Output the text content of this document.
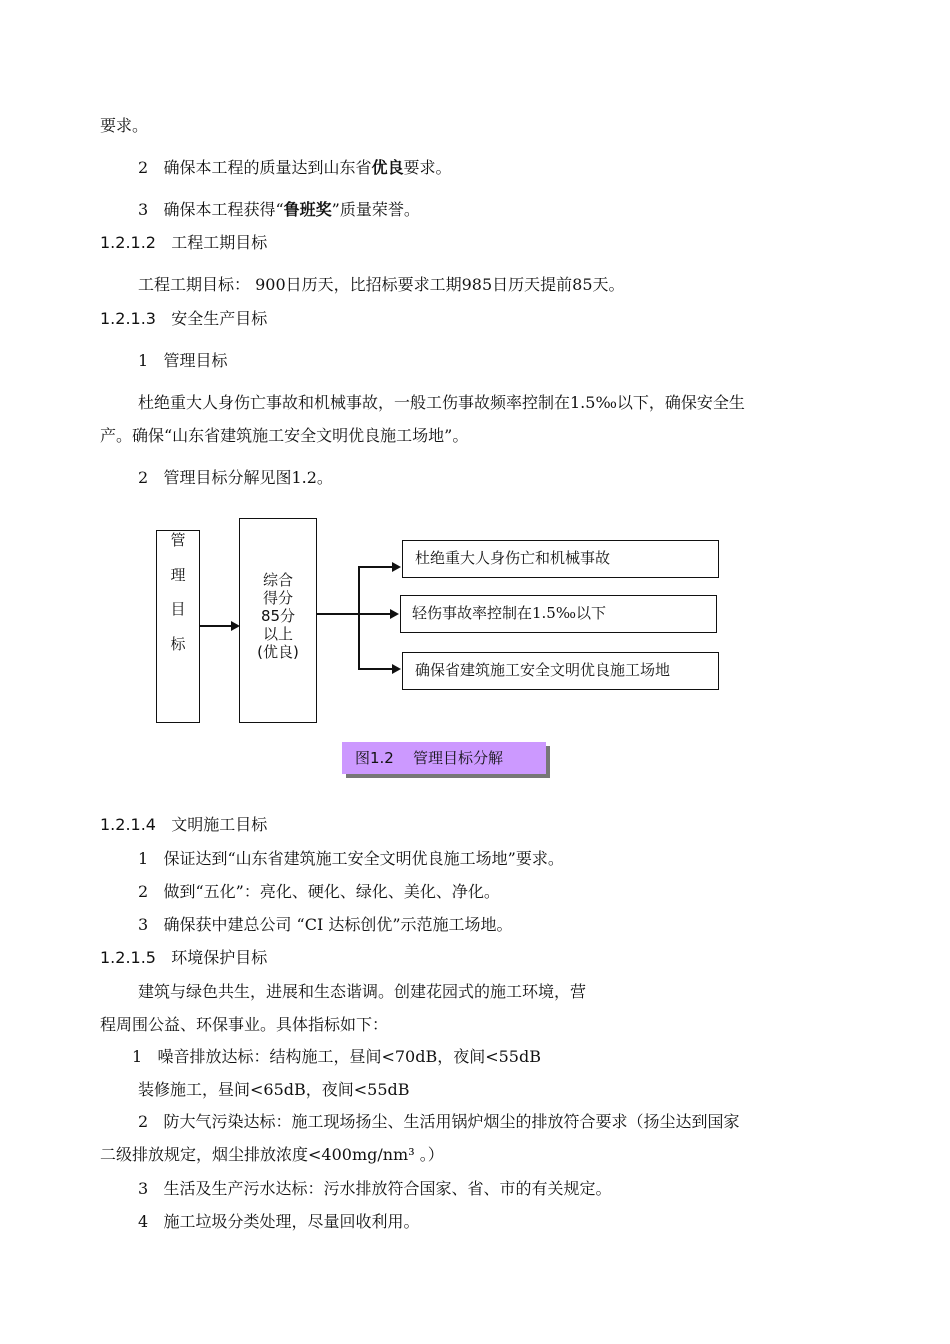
要求。
2 确保本工程的质量达到山东省优良要求。
3 确保本工程获得“鲁班奖”质量荣誉。
1.2.1.2 工程工期目标
工程工期目标： 900日历天，比招标要求工期985日历天提前85天。
1.2.1.3 安全生产目标
1 管理目标
杜绝重大人身伤亡事故和机械事故，一般工伤事故频率控制在1.5‰以下，确保安全生
产。确保“山东省建筑施工安全文明优良施工场地”。
2 管理目标分解见图1.2。
管
理
目
标
综合
得分
85分
以上
(优良)
杜绝重大人身伤亡和机械事故
轻伤事故率控制在1.5‰以下
确保省建筑施工安全文明优良施工场地
图1.2 管理目标分解
1.2.1.4 文明施工目标
1 保证达到“山东省建筑施工安全文明优良施工场地”要求。
2 做到“五化”：亮化、硬化、绿化、美化、净化。
3 确保获中建总公司 “CI 达标创优”示范施工场地。
1.2.1.5 环境保护目标
建筑与绿色共生，进展和生态谐调。创建花园式的施工环境，营
程周围公益、环保事业。具体指标如下：
1 噪音排放达标：结构施工，昼间<70dB，夜间<55dB
装修施工，昼间<65dB，夜间<55dB
2 防大气污染达标：施工现场扬尘、生活用锅炉烟尘的排放符合要求（扬尘达到国家
二级排放规定，烟尘排放浓度<400mg/nm³ 。）
3 生活及生产污水达标：污水排放符合国家、省、市的有关规定。
4 施工垃圾分类处理，尽量回收利用。
